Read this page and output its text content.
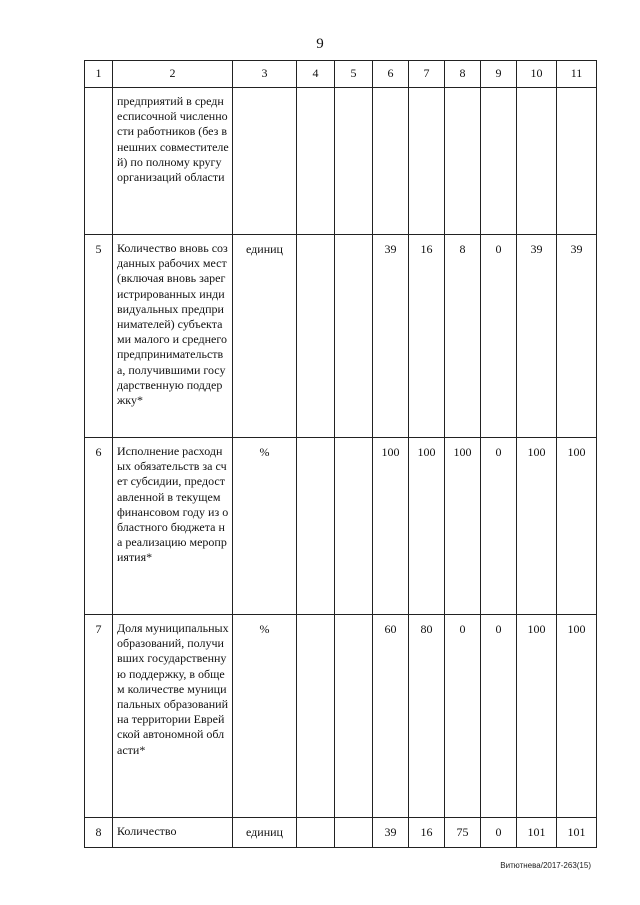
9
1	2	3	4	5	6	7	8	9	10	11
	предприятий в среднесписочной численности работников (без внешних совместителей) по полному кругу организаций области									
5	Количество вновь созданных рабочих мест (включая вновь зарегистрированных индивидуальных предпринимателей) субъектами малого и среднего предпринимательства, получившими государственную поддержку*	единиц			39	16	8	0	39	39
6	Исполнение расходных обязательств за счет субсидии, предоставленной в текущем финансовом году из областного бюджета на реализацию мероприятия*	%			100	100	100	0	100	100
7	Доля муниципальных образований, получивших государственную поддержку, в общем количестве муниципальных образований на территории Еврейской автономной области*	%			60	80	0	0	100	100
8	Количество	единиц			39	16	75	0	101	101
Витютнева/2017-263(15)
